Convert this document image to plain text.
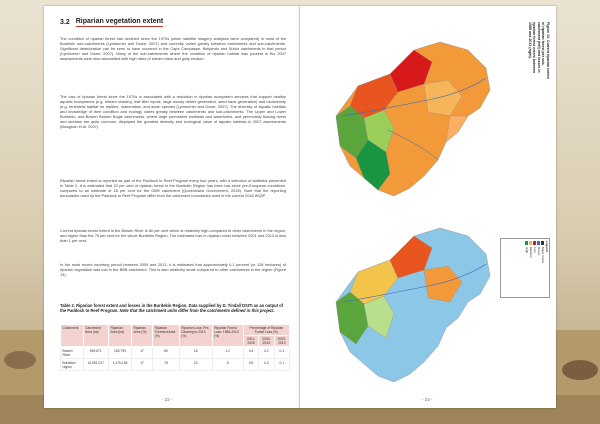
3.2 Riparian vegetation extent

The condition of riparian forest has declined since the 1970s (when satellite imagery analyses were compared) in most of the Burdekin sub-catchments (Lymburner and Dowe, 2007) and currently varies greatly between catchments and sub-catchments. Significant deterioration can be seen to have occurred in the Cape Campaspe, Belyando and Suttor catchments in that period (Lymburner and Dowe, 2007). Many of the sub-catchments where the condition of riparian habitat was poorest in the 2007 assessments were also associated with high rates of stream bank and gully erosion.

The loss of riparian forest since the 1970s is associated with a reduction in riparian ecosystem services that support healthy aquatic ecosystems (e.g. stream shading, leaf litter inputs, large woody debris generation, seed bank generation) and biodiversity (e.g. terrestrial habitat for reptiles, mammalian, and avian species (Lymburner and Dowe, 2007). The diversity of aquatic habitats and knowledge of their condition and ecology varies greatly between catchments and sub-catchments. The Upper and Lower Burdekin, and Bowen Broken Bogie catchments, where large permanent wetlands and waterholes, and perennially flowing rivers and streams are quite common, displayed the greatest diversity and ecological value of aquatic habitats in 2007 assessments (Maughan et al. 2007).

Riparian forest extent is reported as part of the Paddock to Reef Program every four years, with a selection of statistics presented in Table 2. It is estimated that 22 per cent of riparian forest in the Burdekin Region has been lost since pre-European conditions, compared to an estimate of 18 per cent for the GBR catchment (Queensland Government, 2015). Note that the reporting boundaries used by the Paddock to Reef Program differ from the catchment boundaries used in the current 2016 WQIP.

Current riparian forest extent in the Bowen River is 80 per cent which is relatively high compared to other catchments in the region, and higher than the 75 per cent for the whole Burdekin Region. The estimated loss in riparian cover between 2001 and 2013 is less than 1 per cent.

In the most recent reporting period between 2009 and 2013, it is estimated that approximately 0.1 percent (or 128 hectares) of riparian vegetation was lost in the BBB catchment. This is also relatively small compared to other catchments in the region (Figure 13).

Table 2. Riparian forest extent and losses in the Burdekin Region. Data supplied by D. Tindall DSITI as an output of the Paddock to Reef Program. Note that the catchment units differ from the catchments defined in this project.
Catchment	Catchment Area (ha)	Riparian Area (ha)	Riparian Area (%)	Riparian Forested Area (%)	Riparian Loss: Pre-Clearing to 2013 (%)	Riparian Forest Loss: 1988-2013 (%)	Percentage of Riparian Forest Loss (%)		
							2001-2005	2009-2013	2009-2013
Bowen River	949,671	163,799	17	80	18	1.2	0.4	0.2	0.1
Burdekin region	14,051,017	1,475,135	17	75	22	5	0.5	0.3	0.1
- 22 -
Figure 13. Current riparian extent of riparian forest per sub-catchment (left) and losses in riparian forest extent between 1988 and 2013 (right).
Legend
Major towns
Rivers
Low
Medium
High
- 23 -
